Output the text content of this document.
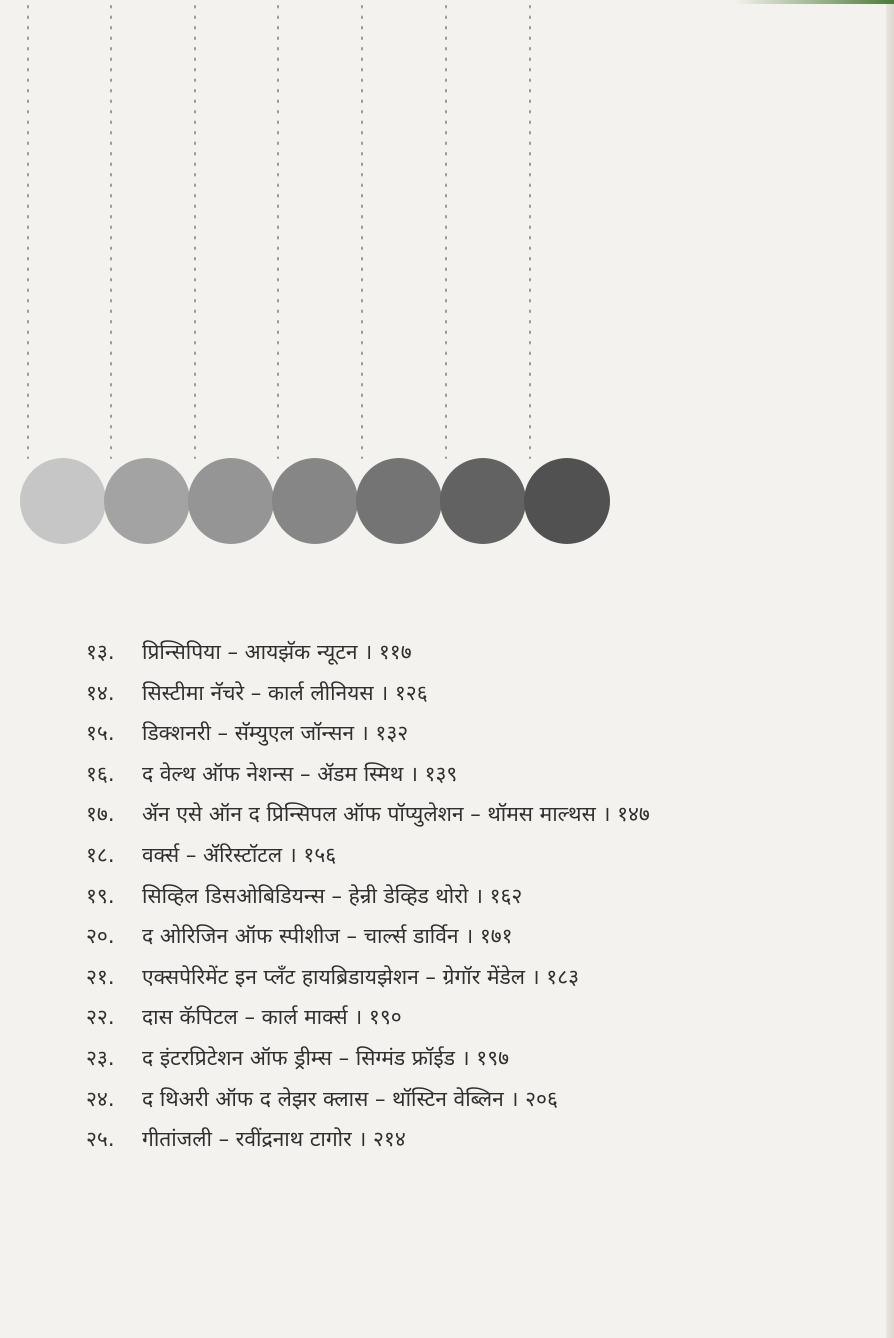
१३.	प्रिन्सिपिया – आयझॅक न्यूटन । ११७
१४.	सिस्टीमा नॅचरे – कार्ल लीनियस । १२६
१५.	डिक्शनरी – सॅम्युएल जॉन्सन । १३२
१६.	द वेल्थ ऑफ नेशन्स – ॲडम स्मिथ । १३९
१७.	ॲन एसे ऑन द प्रिन्सिपल ऑफ पॉप्युलेशन – थॉमस माल्थस । १४७
१८.	वर्क्स – ॲरिस्टॉटल । १५६
१९.	सिव्हिल डिसओबिडियन्स – हेन्री डेव्हिड थोरो । १६२
२०.	द ओरिजिन ऑफ स्पीशीज – चार्ल्स डार्विन । १७१
२१.	एक्सपेरिमेंट इन प्लँट हायब्रिडायझेशन – ग्रेगॉर मेंडेल । १८३
२२.	दास कॅपिटल – कार्ल मार्क्स । १९०
२३.	द इंटरप्रिटेशन ऑफ ड्रीम्स – सिग्मंड फ्रॉईड । १९७
२४.	द थिअरी ऑफ द लेझर क्लास – थॉस्टिन वेब्लिन । २०६
२५.	गीतांजली – रवींद्रनाथ टागोर । २१४
